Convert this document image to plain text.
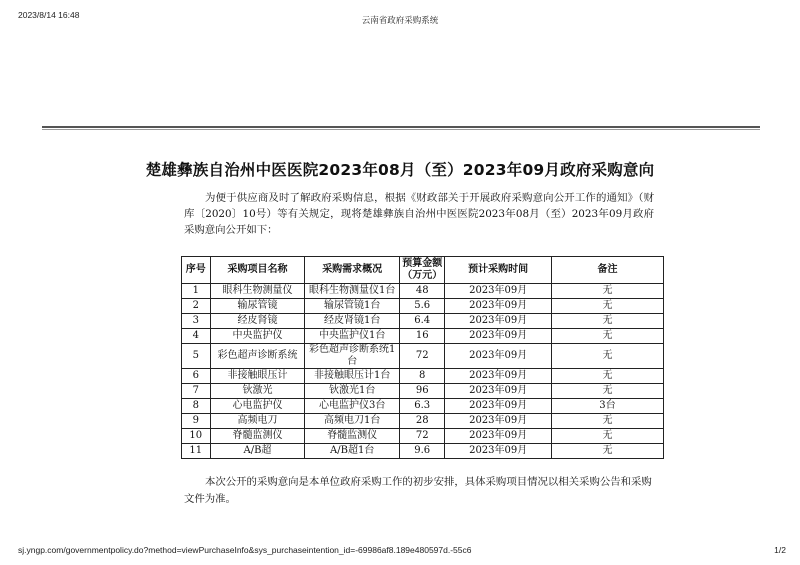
2023/8/14 16:48	云南省政府采购系统
楚雄彝族自治州中医医院2023年08月（至）2023年09月政府采购意向
为便于供应商及时了解政府采购信息，根据《财政部关于开展政府采购意向公开工作的通知》（财库〔2020〕10号）等有关规定，现将楚雄彝族自治州中医医院2023年08月（至）2023年09月政府采购意向公开如下：
序号	采购项目名称	采购需求概况	预算金额（万元）	预计采购时间	备注
1	眼科生物测量仪	眼科生物测量仪1台	48	2023年09月	无
2	输尿管镜	输尿管镜1台	5.6	2023年09月	无
3	经皮肾镜	经皮肾镜1台	6.4	2023年09月	无
4	中央监护仪	中央监护仪1台	16	2023年09月	无
5	彩色超声诊断系统	彩色超声诊断系统1台	72	2023年09月	无
6	非接触眼压计	非接触眼压计1台	8	2023年09月	无
7	钬激光	钬激光1台	96	2023年09月	无
8	心电监护仪	心电监护仪3台	6.3	2023年09月	3台
9	高频电刀	高频电刀1台	28	2023年09月	无
10	脊髓监测仪	脊髓监测仪	72	2023年09月	无
11	A/B超	A/B超1台	9.6	2023年09月	无
本次公开的采购意向是本单位政府采购工作的初步安排，具体采购项目情况以相关采购公告和采购文件为准。
sj.yngp.com/governmentpolicy.do?method=viewPurchaseInfo&sys_purchaseintention_id=-69986af8.189e480597d.-55c6	1/2
